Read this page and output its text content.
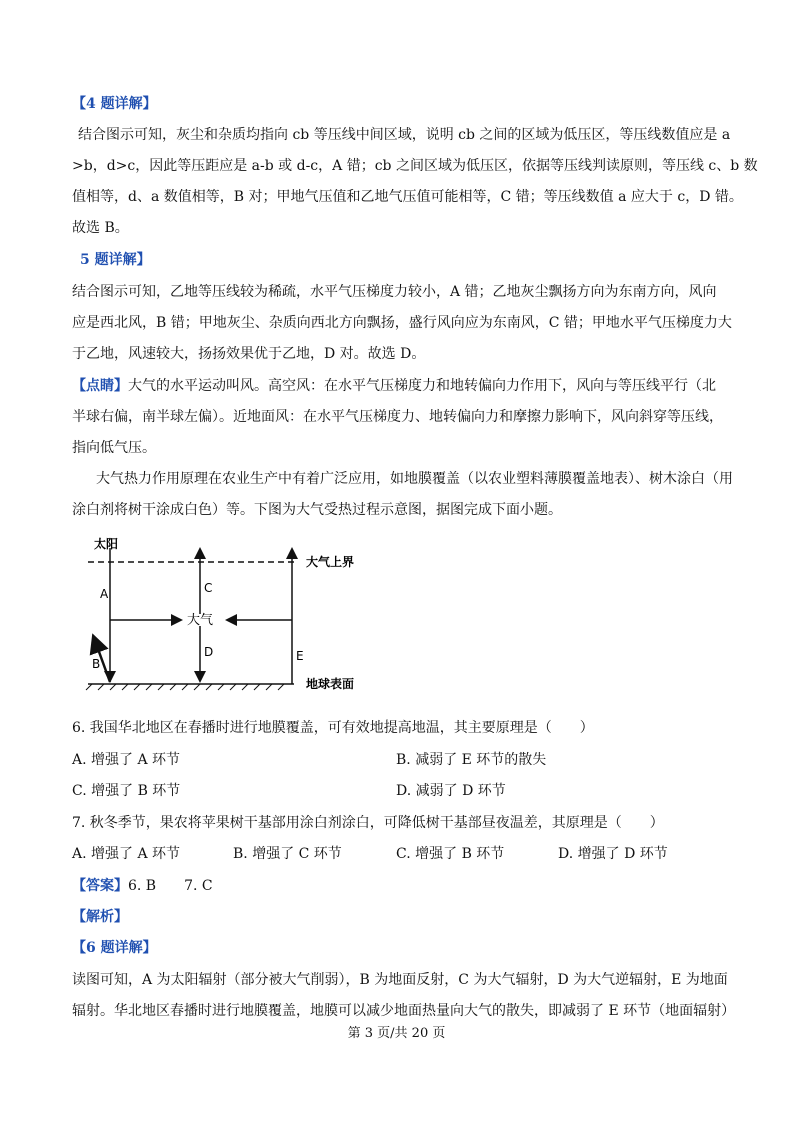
【4 题详解】
结合图示可知，灰尘和杂质均指向 cb 等压线中间区域，说明 cb 之间的区域为低压区，等压线数值应是 a
>b，d>c，因此等压距应是 a-b 或 d-c，A 错；cb 之间区域为低压区，依据等压线判读原则，等压线 c、b 数
值相等，d、a 数值相等，B 对；甲地气压值和乙地气压值可能相等，C 错；等压线数值 a 应大于 c，D 错。
故选 B。
5 题详解】
结合图示可知，乙地等压线较为稀疏，水平气压梯度力较小，A 错；乙地灰尘飘扬方向为东南方向，风向
应是西北风，B 错；甲地灰尘、杂质向西北方向飘扬，盛行风向应为东南风，C 错；甲地水平气压梯度力大
于乙地，风速较大，扬扬效果优于乙地，D 对。故选 D。
【点睛】大气的水平运动叫风。高空风：在水平气压梯度力和地转偏向力作用下，风向与等压线平行（北
半球右偏，南半球左偏）。近地面风：在水平气压梯度力、地转偏向力和摩擦力影响下，风向斜穿等压线，
指向低气压。
大气热力作用原理在农业生产中有着广泛应用，如地膜覆盖（以农业塑料薄膜覆盖地表）、树木涂白（用
涂白剂将树干涂成白色）等。下图为大气受热过程示意图，据图完成下面小题。
太阳
大气上界
地球表面
大气
A
B
C
D	E
6. 我国华北地区在春播时进行地膜覆盖，可有效地提高地温，其主要原理是（　　）
A. 增强了 A 环节	B. 减弱了 E 环节的散失
C. 增强了 B 环节	D. 减弱了 D 环节
7. 秋冬季节，果农将苹果树干基部用涂白剂涂白，可降低树干基部昼夜温差，其原理是（　　）
A. 增强了 A 环节	B. 增强了 C 环节	C. 增强了 B 环节	D. 增强了 D 环节
【答案】6. B　　7. C
【解析】
【6 题详解】
读图可知，A 为太阳辐射（部分被大气削弱），B 为地面反射，C 为大气辐射，D 为大气逆辐射，E 为地面
辐射。华北地区春播时进行地膜覆盖，地膜可以减少地面热量向大气的散失，即减弱了 E 环节（地面辐射）
第 3 页/共 20 页
